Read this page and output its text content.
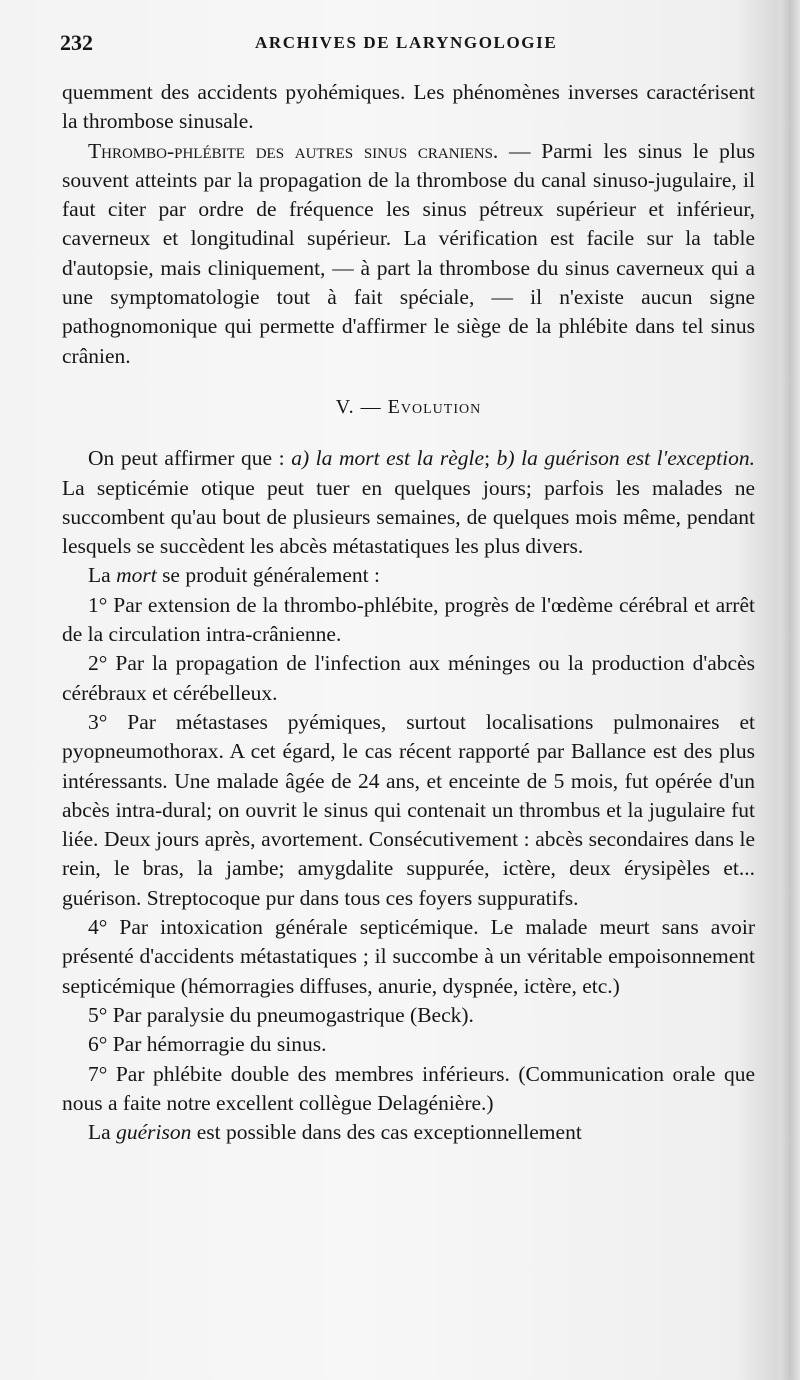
232	ARCHIVES DE LARYNGOLOGIE

quemment des accidents pyohémiques. Les phénomènes inverses caractérisent la thrombose sinusale.

Thrombo-phlébite des autres sinus craniens. — Parmi les sinus le plus souvent atteints par la propagation de la thrombose du canal sinuso-jugulaire, il faut citer par ordre de fréquence les sinus pétreux supérieur et inférieur, caverneux et longitudinal supérieur. La vérification est facile sur la table d'autopsie, mais cliniquement, — à part la thrombose du sinus caverneux qui a une symptomatologie tout à fait spéciale, — il n'existe aucun signe pathognomonique qui permette d'affirmer le siège de la phlébite dans tel sinus crânien.

V. — Evolution

On peut affirmer que : a) la mort est la règle; b) la guérison est l'exception. La septicémie otique peut tuer en quelques jours; parfois les malades ne succombent qu'au bout de plusieurs semaines, de quelques mois même, pendant lesquels se succèdent les abcès métastatiques les plus divers.

La mort se produit généralement :

1° Par extension de la thrombo-phlébite, progrès de l'œdème cérébral et arrêt de la circulation intra-crânienne.

2° Par la propagation de l'infection aux méninges ou la production d'abcès cérébraux et cérébelleux.

3° Par métastases pyémiques, surtout localisations pulmonaires et pyopneumothorax. A cet égard, le cas récent rapporté par Ballance est des plus intéressants. Une malade âgée de 24 ans, et enceinte de 5 mois, fut opérée d'un abcès intra-dural; on ouvrit le sinus qui contenait un thrombus et la jugulaire fut liée. Deux jours après, avortement. Consécutivement : abcès secondaires dans le rein, le bras, la jambe; amygdalite suppurée, ictère, deux érysipèles et... guérison. Streptocoque pur dans tous ces foyers suppuratifs.

4° Par intoxication générale septicémique. Le malade meurt sans avoir présenté d'accidents métastatiques ; il succombe à un véritable empoisonnement septicémique (hémorragies diffuses, anurie, dyspnée, ictère, etc.)

5° Par paralysie du pneumogastrique (Beck).

6° Par hémorragie du sinus.

7° Par phlébite double des membres inférieurs. (Communication orale que nous a faite notre excellent collègue Delagénière.)

La guérison est possible dans des cas exceptionnellement
